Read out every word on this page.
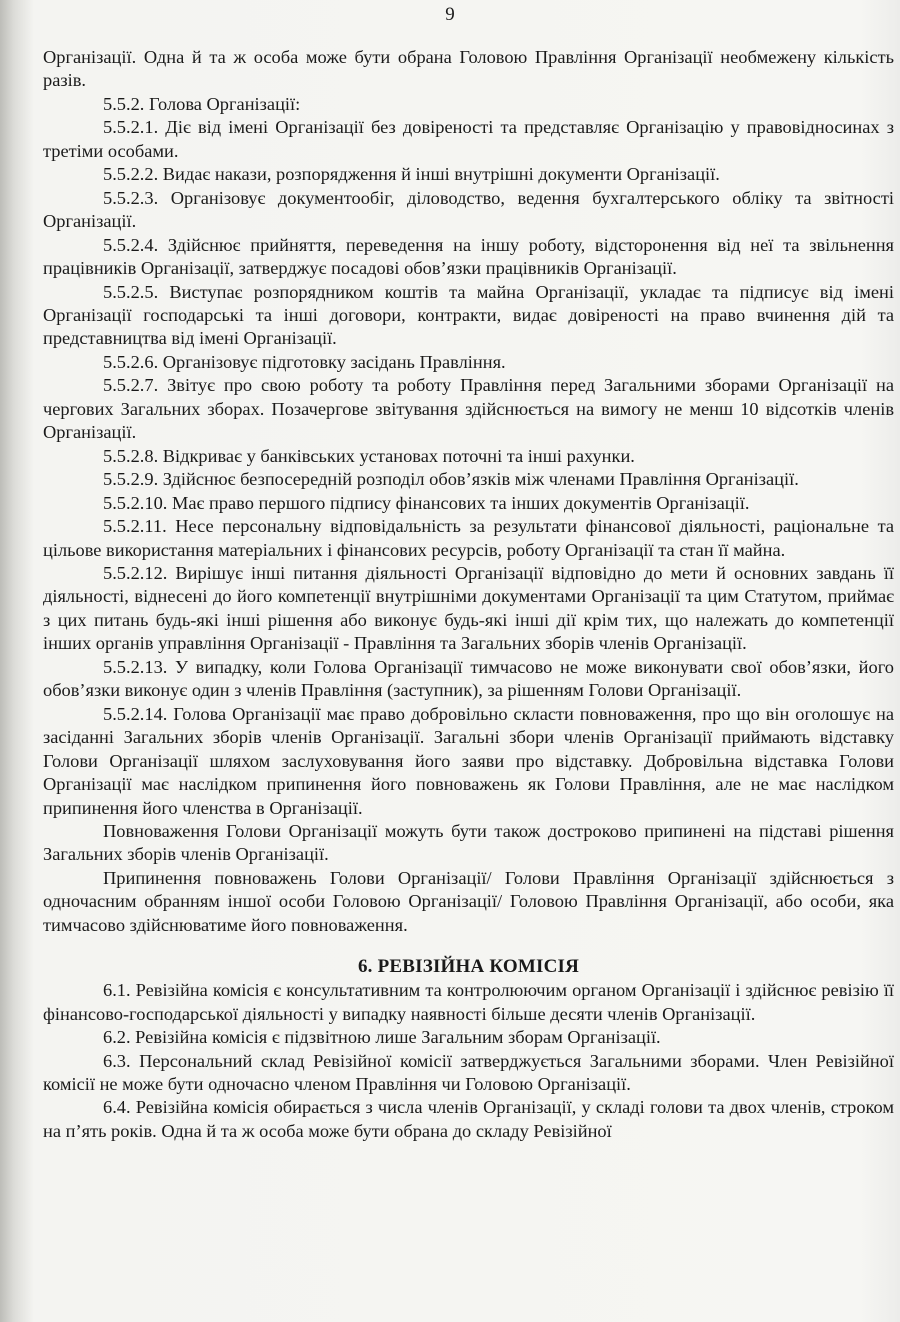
9

Організації. Одна й та ж особа може бути обрана Головою Правління Організації необмежену кількість разів.

5.5.2. Голова Організації:

5.5.2.1. Діє від імені Організації без довіреності та представляє Організацію у правовідносинах з третіми особами.

5.5.2.2. Видає накази, розпорядження й інші внутрішні документи Організації.

5.5.2.3. Організовує документообіг, діловодство, ведення бухгалтерського обліку та звітності Організації.

5.5.2.4. Здійснює прийняття, переведення на іншу роботу, відсторонення від неї та звільнення працівників Організації, затверджує посадові обов’язки працівників Організації.

5.5.2.5. Виступає розпорядником коштів та майна Організації, укладає та підписує від імені Організації господарські та інші договори, контракти, видає довіреності на право вчинення дій та представництва від імені Організації.

5.5.2.6. Організовує підготовку засідань Правління.

5.5.2.7. Звітує про свою роботу та роботу Правління перед Загальними зборами Організації на чергових Загальних зборах. Позачергове звітування здійснюється на вимогу не менш 10 відсотків членів Організації.

5.5.2.8. Відкриває у банківських установах поточні та інші рахунки.

5.5.2.9. Здійснює безпосередній розподіл обов’язків між членами Правління Організації.

5.5.2.10. Має право першого підпису фінансових та інших документів Організації.

5.5.2.11. Несе персональну відповідальність за результати фінансової діяльності, раціональне та цільове використання матеріальних і фінансових ресурсів, роботу Організації та стан її майна.

5.5.2.12. Вирішує інші питання діяльності Організації відповідно до мети й основних завдань її діяльності, віднесені до його компетенції внутрішніми документами Організації та цим Статутом, приймає з цих питань будь-які інші рішення або виконує будь-які інші дії крім тих, що належать до компетенції інших органів управління Організації - Правління та Загальних зборів членів Організації.

5.5.2.13. У випадку, коли Голова Організації тимчасово не може виконувати свої обов’язки, його обов’язки виконує один з членів Правління (заступник), за рішенням Голови Організації.

5.5.2.14. Голова Організації має право добровільно скласти повноваження, про що він оголошує на засіданні Загальних зборів членів Організації. Загальні збори членів Організації приймають відставку Голови Організації шляхом заслуховування його заяви про відставку. Добровільна відставка Голови Організації має наслідком припинення його повноважень як Голови Правління, але не має наслідком припинення його членства в Організації.

Повноваження Голови Організації можуть бути також достроково припинені на підставі рішення Загальних зборів членів Організації.

Припинення повноважень Голови Організації/ Голови Правління Організації здійснюється з одночасним обранням іншої особи Головою Організації/ Головою Правління Організації, або особи, яка тимчасово здійснюватиме його повноваження.

6. РЕВІЗІЙНА КОМІСІЯ

6.1. Ревізійна комісія є консультативним та контролюючим органом Організації і здійснює ревізію її фінансово-господарської діяльності у випадку наявності більше десяти членів Організації.

6.2. Ревізійна комісія є підзвітною лише Загальним зборам Організації.

6.3. Персональний склад Ревізійної комісії затверджується Загальними зборами. Член Ревізійної комісії не може бути одночасно членом Правління чи Головою Організації.

6.4. Ревізійна комісія обирається з числа членів Організації, у складі голови та двох членів, строком на п’ять років. Одна й та ж особа може бути обрана до складу Ревізійної
